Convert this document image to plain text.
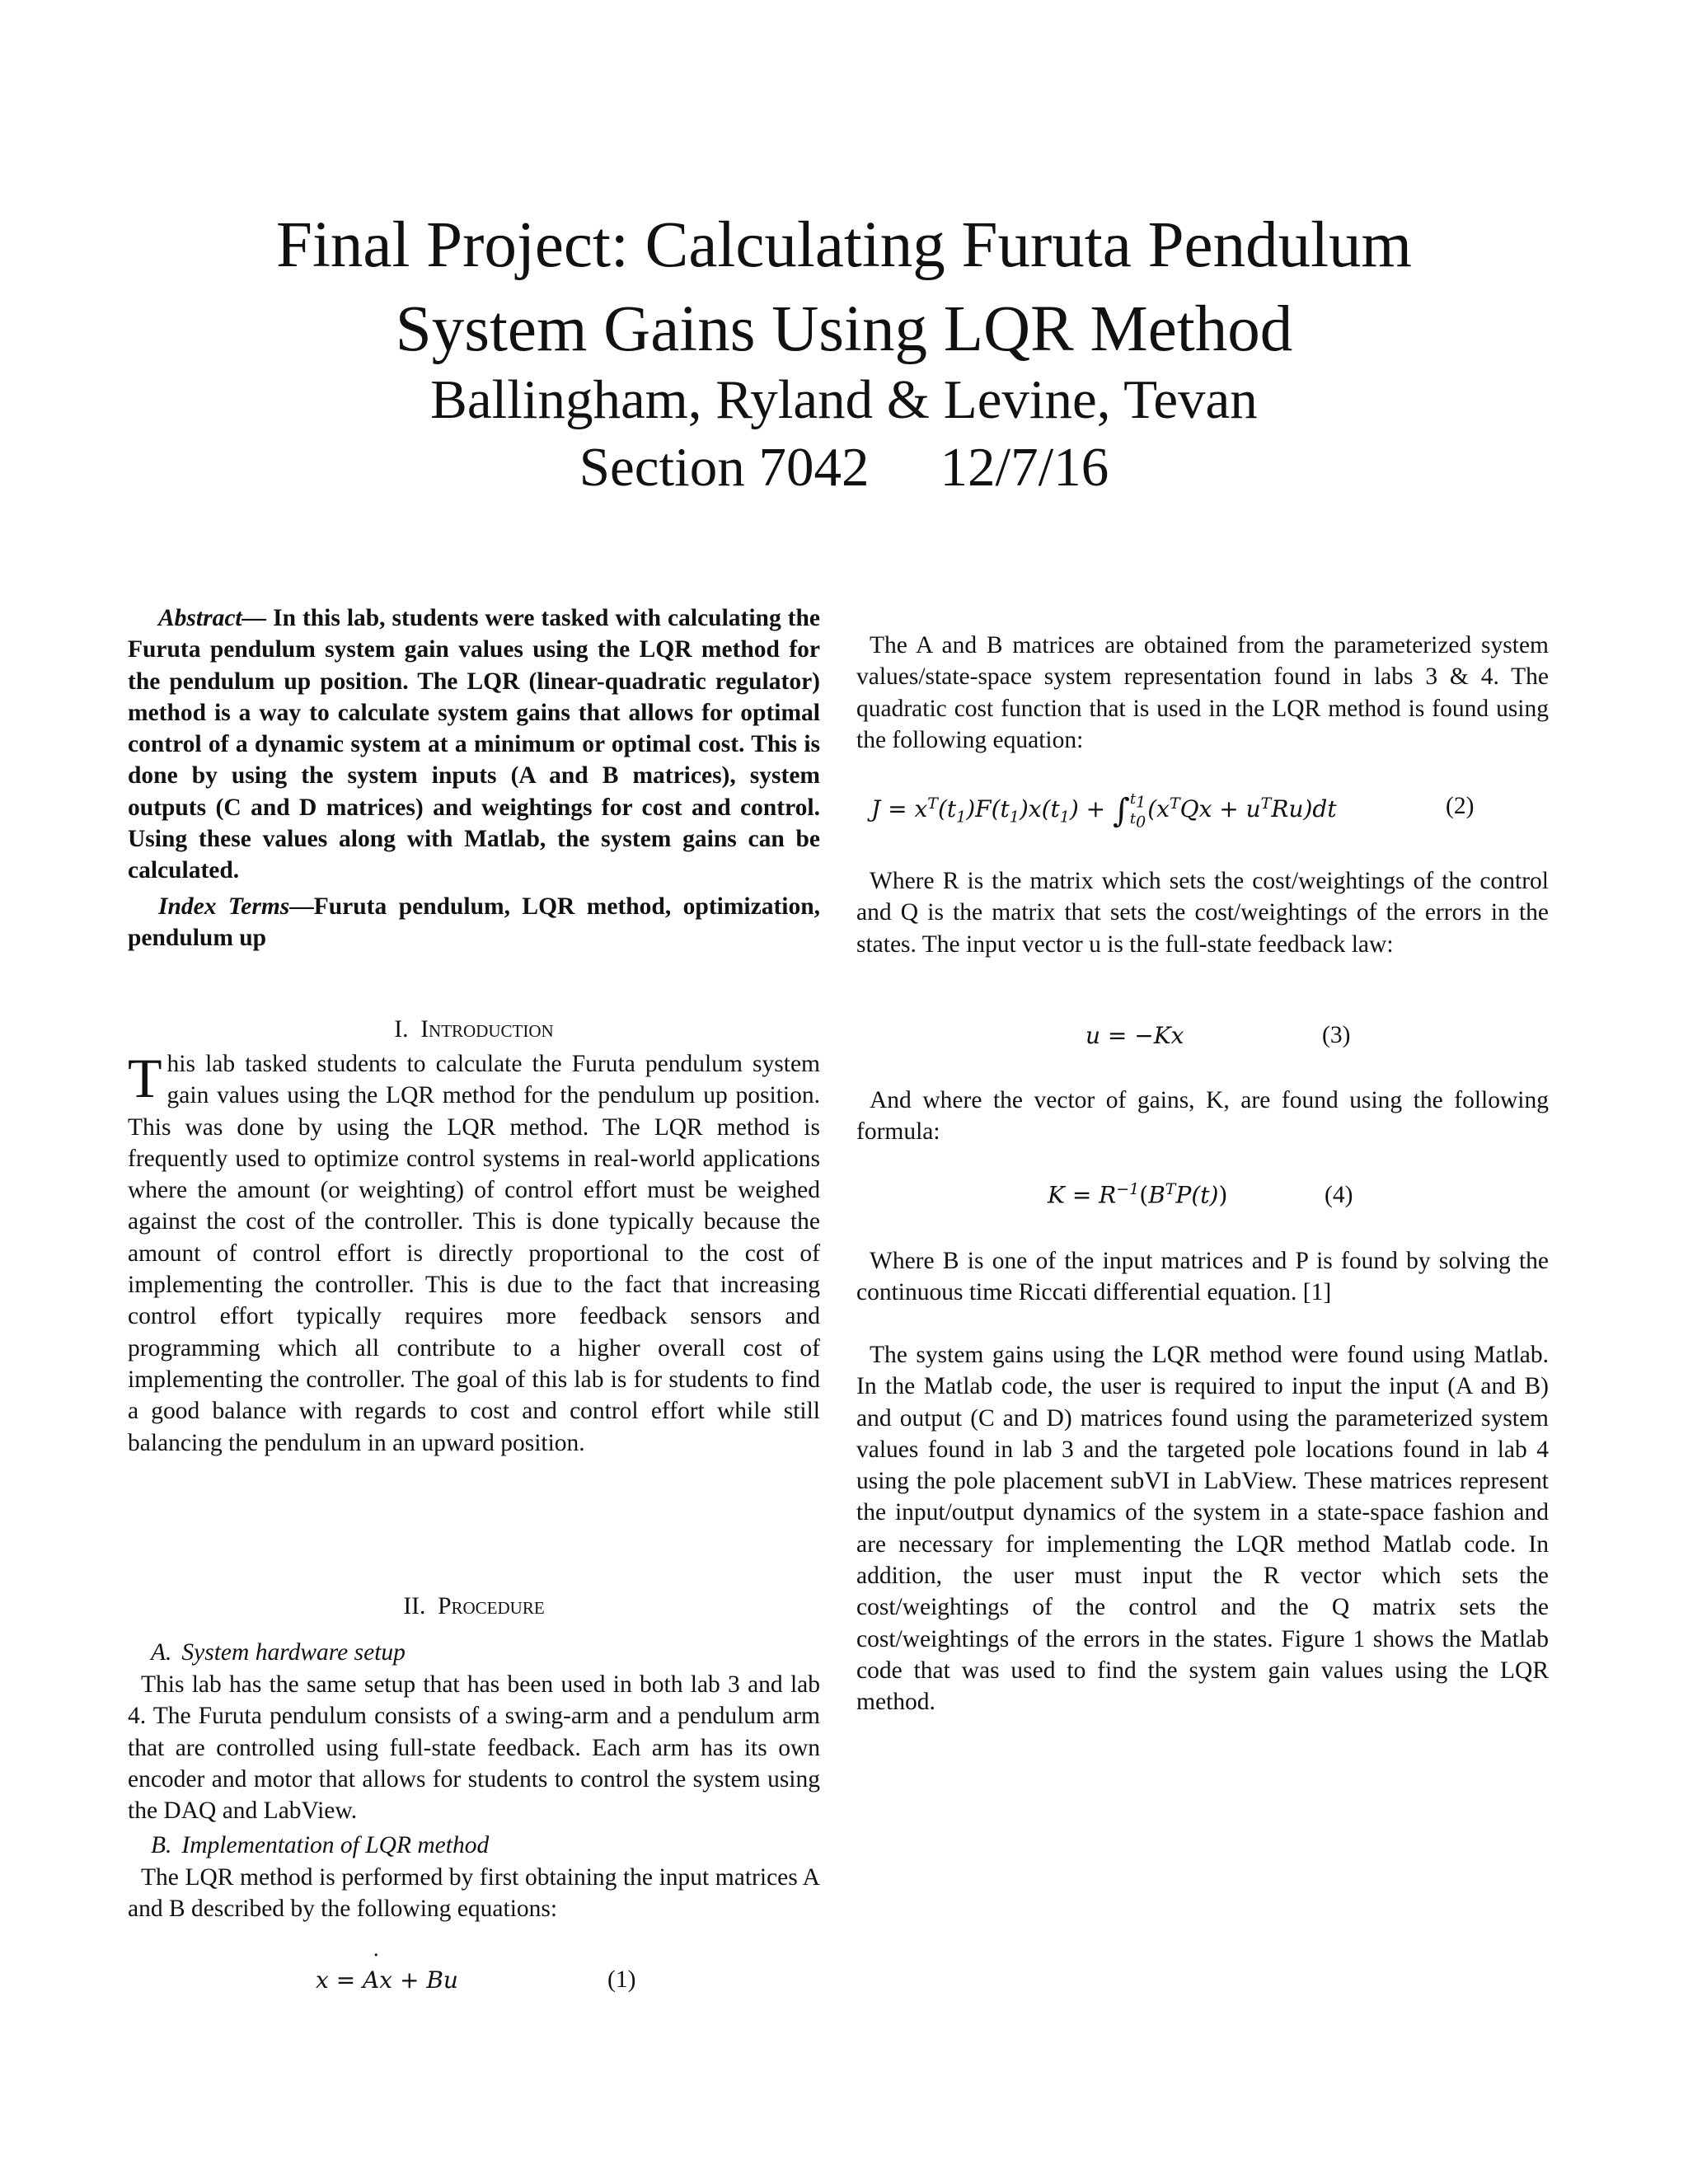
Final Project: Calculating Furuta Pendulum
System Gains Using LQR Method
Ballingham, Ryland & Levine, Tevan
Section 7042 12/7/16

Abstract— In this lab, students were tasked with calculating the Furuta pendulum system gain values using the LQR method for the pendulum up position. The LQR (linear-quadratic regulator) method is a way to calculate system gains that allows for optimal control of a dynamic system at a minimum or optimal cost. This is done by using the system inputs (A and B matrices), system outputs (C and D matrices) and weightings for cost and control. Using these values along with Matlab, the system gains can be calculated.

Index Terms—Furuta pendulum, LQR method, optimization, pendulum up

I. Introduction

This lab tasked students to calculate the Furuta pendulum system gain values using the LQR method for the pendulum up position. This was done by using the LQR method. The LQR method is frequently used to optimize control systems in real-world applications where the amount (or weighting) of control effort must be weighed against the cost of the controller. This is done typically because the amount of control effort is directly proportional to the cost of implementing the controller. This is due to the fact that increasing control effort typically requires more feedback sensors and programming which all contribute to a higher overall cost of implementing the controller. The goal of this lab is for students to find a good balance with regards to cost and control effort while still balancing the pendulum in an upward position.

II. Procedure
A. System hardware setup

This lab has the same setup that has been used in both lab 3 and lab 4. The Furuta pendulum consists of a swing-arm and a pendulum arm that are controlled using full-state feedback. Each arm has its own encoder and motor that allows for students to control the system using the DAQ and LabView.

B. Implementation of LQR method

The LQR method is performed by first obtaining the input matrices A and B described by the following equations:

x = Ax
+ Bu	(1)

The A and B matrices are obtained from the parameterized system values/state-space system representation found in labs 3 & 4. The quadratic cost function that is used in the LQR method is found using the following equation:

$J = x^T(t_1)F(t_1)x(t_1) + \int t_1$
$t_0(x^TQx + u^TRu)dt$	(2)

Where R is the matrix which sets the cost/weightings of the control and Q is the matrix that sets the cost/weightings of the errors in the states. The input vector u is the full-state feedback law:

u = −Kx	(3)

And where the vector of gains, K, are found using the following formula:

$K = R^{-1}(B^TP(t))$	(4)

Where B is one of the input matrices and P is found by solving the continuous time Riccati differential equation. [1]

The system gains using the LQR method were found using Matlab. In the Matlab code, the user is required to input the input (A and B) and output (C and D) matrices found using the parameterized system values found in lab 3 and the targeted pole locations found in lab 4 using the pole placement subVI in LabView. These matrices represent the input/output dynamics of the system in a state-space fashion and are necessary for implementing the LQR method Matlab code. In addition, the user must input the R vector which sets the cost/weightings of the control and the Q matrix sets the cost/weightings of the errors in the states. Figure 1 shows the Matlab code that was used to find the system gain values using the LQR method.
